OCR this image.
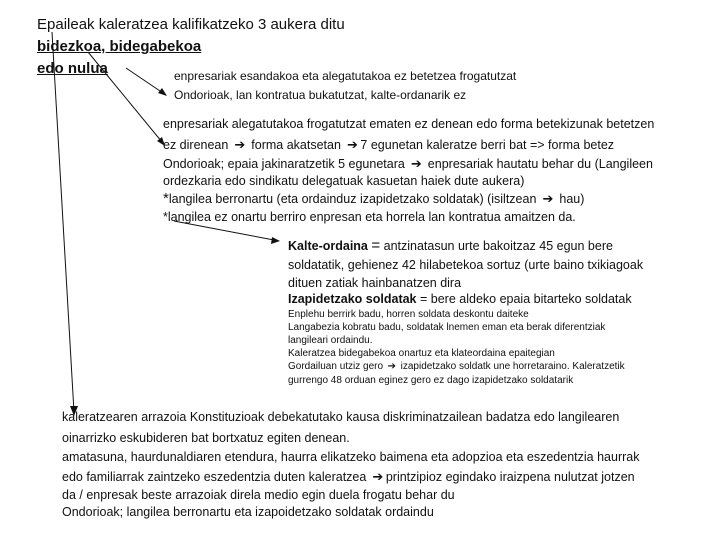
Epaileak kaleratzea kalifikatzeko 3 aukera ditu
bidezkoa, bidegabekoa
edo nulua	enpresariak esandakoa eta alegatutakoa ez betetzea frogatutzat
Ondorioak, lan kontratua bukatutzat, kalte-ordanarik ez
enpresariak alegatutakoa frogatutzat ematen ez denean edo forma betekizunak betetzen
ez direnean ➔ forma akatsetan ➔ 7 egunetan kaleratze berri bat => forma betez
Ondorioak; epaia jakinaratzetik 5 egunetara ➔ enpresariak hautatu behar du (Langileen
ordezkaria edo sindikatu delegatuak kasuetan haiek dute aukera)
*langilea berronartu (eta ordainduz izapidetzako soldatak) (isiltzean ➔ hau)
*langilea ez onartu berriro enpresan eta horrela lan kontratua amaitzen da.
Kalte-ordaina = antzinatasun urte bakoitzaz 45 egun bere
soldatatik, gehienez 42 hilabetekoa sortuz (urte baino txikiagoak
dituen zatiak hainbanatzen dira
Izapidetzako soldatak = bere aldeko epaia bitarteko soldatak
Enplehu berrirk badu, horren soldata deskontu daiteke
Langabezia kobratu badu, soldatak lnemen eman eta berak diferentziak
langileari ordaindu.
Kaleratzea bidegabekoa onartuz eta klateordaina epaitegian
Gordailuan utziz gero ➔ izapidetzako soldatk une horretaraino. Kaleratzetik
gurrengo 48 orduan eginez gero ez dago izapidetzako soldatarik
kaleratzearen arrazoia Konstituzioak debekatutako kausa diskriminatzailean badatza edo langilearen
oinarrizko eskubideren bat bortxatuz egiten denean.
amatasuna, haurdunaldiaren etendura, haurra elikatzeko baimena eta adopzioa eta eszedentzia haurrak
edo familiarrak zaintzeko eszedentzia duten kaleratzea ➔ printzipioz egindako iraizpena nulutzat jotzen
da / enpresak beste arrazoiak direla medio egin duela frogatu behar du
Ondorioak; langilea berronartu eta izapoidetzako soldatak ordaindu
